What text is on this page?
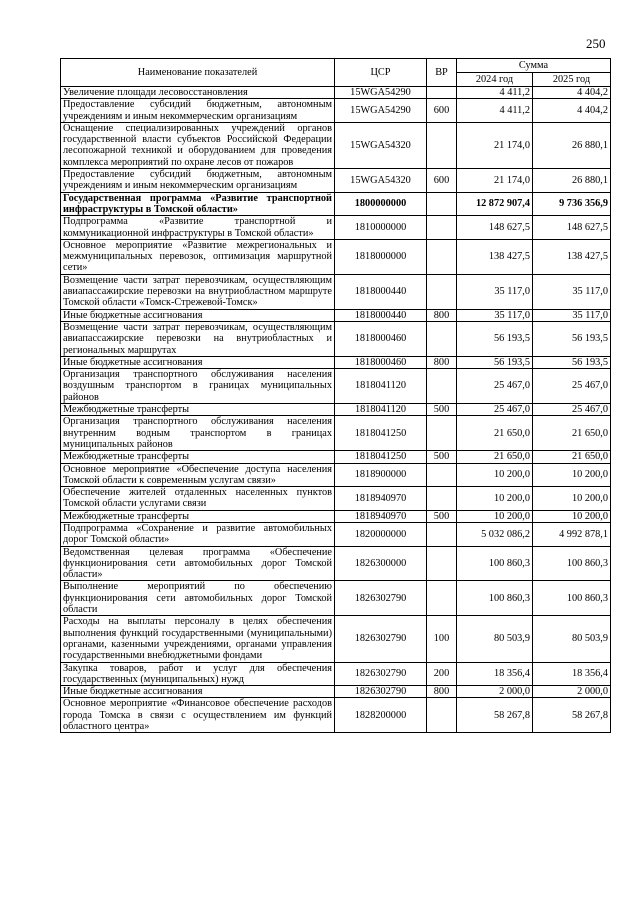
250
Наименование показателей	ЦСР	ВР	Сумма	
			2024 год	2025 год
Увеличение площади лесовосстановления	15WGA54290		4 411,2	4 404,2
Предоставление субсидий бюджетным, автономным учреждениям и иным некоммерческим организациям	15WGA54290	600	4 411,2	4 404,2
Оснащение специализированных учреждений органов государственной власти субъектов Российской Федерации лесопожарной техникой и оборудованием для проведения комплекса мероприятий по охране лесов от пожаров	15WGA54320		21 174,0	26 880,1
Предоставление субсидий бюджетным, автономным учреждениям и иным некоммерческим организациям	15WGA54320	600	21 174,0	26 880,1
Государственная программа «Развитие транспортной инфраструктуры в Томской области»	1800000000		12 872 907,4	9 736 356,9
Подпрограмма «Развитие транспортной и коммуникационной инфраструктуры в Томской области»	1810000000		148 627,5	148 627,5
Основное мероприятие «Развитие межрегиональных и межмуниципальных перевозок, оптимизация маршрутной сети»	1818000000		138 427,5	138 427,5
Возмещение части затрат перевозчикам, осуществляющим авиапассажирские перевозки на внутриобластном маршруте Томской области «Томск-Стрежевой-Томск»	1818000440		35 117,0	35 117,0
Иные бюджетные ассигнования	1818000440	800	35 117,0	35 117,0
Возмещение части затрат перевозчикам, осуществляющим авиапассажирские перевозки на внутриобластных и региональных маршрутах	1818000460		56 193,5	56 193,5
Иные бюджетные ассигнования	1818000460	800	56 193,5	56 193,5
Организация транспортного обслуживания населения воздушным транспортом в границах муниципальных районов	1818041120		25 467,0	25 467,0
Межбюджетные трансферты	1818041120	500	25 467,0	25 467,0
Организация транспортного обслуживания населения внутренним водным транспортом в границах муниципальных районов	1818041250		21 650,0	21 650,0
Межбюджетные трансферты	1818041250	500	21 650,0	21 650,0
Основное мероприятие «Обеспечение доступа населения Томской области к современным услугам связи»	1818900000		10 200,0	10 200,0
Обеспечение жителей отдаленных населенных пунктов Томской области услугами связи	1818940970		10 200,0	10 200,0
Межбюджетные трансферты	1818940970	500	10 200,0	10 200,0
Подпрограмма «Сохранение и развитие автомобильных дорог Томской области»	1820000000		5 032 086,2	4 992 878,1
Ведомственная целевая программа «Обеспечение функционирования сети автомобильных дорог Томской области»	1826300000		100 860,3	100 860,3
Выполнение мероприятий по обеспечению функционирования сети автомобильных дорог Томской области	1826302790		100 860,3	100 860,3
Расходы на выплаты персоналу в целях обеспечения выполнения функций государственными (муниципальными) органами, казенными учреждениями, органами управления государственными внебюджетными фондами	1826302790	100	80 503,9	80 503,9
Закупка товаров, работ и услуг для обеспечения государственных (муниципальных) нужд	1826302790	200	18 356,4	18 356,4
Иные бюджетные ассигнования	1826302790	800	2 000,0	2 000,0
Основное мероприятие «Финансовое обеспечение расходов города Томска в связи с осуществлением им функций областного центра»	1828200000		58 267,8	58 267,8
